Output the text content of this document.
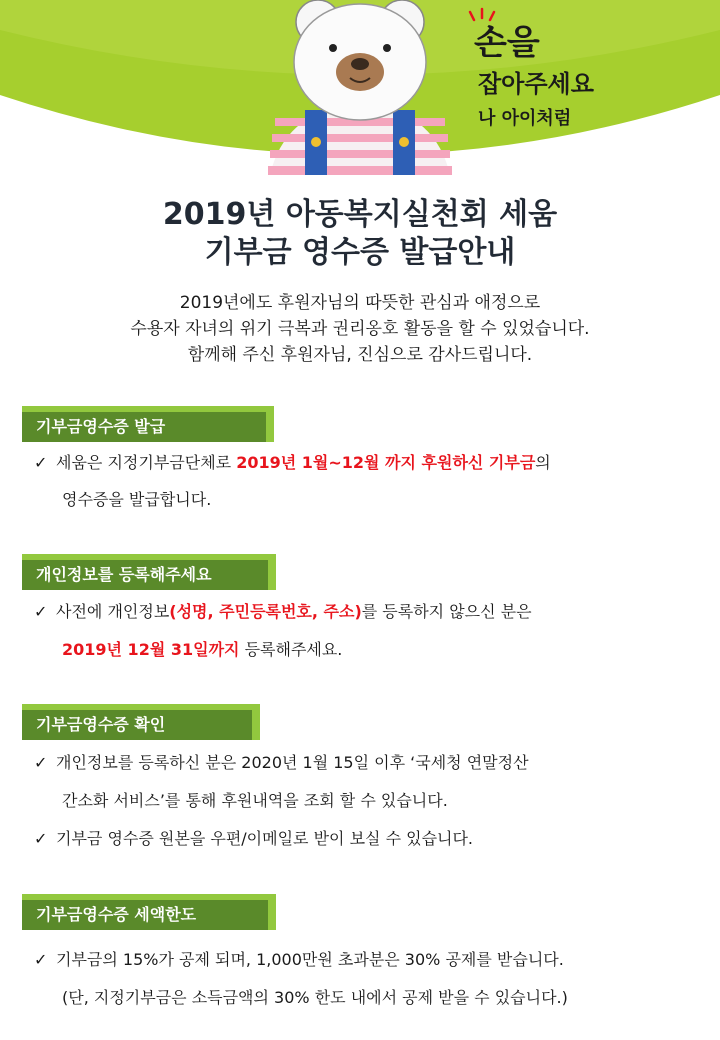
손을
잡아주세요
나 아이처럼
2019년 아동복지실천회 세움
기부금 영수증 발급안내
2019년에도 후원자님의 따뜻한 관심과 애정으로
수용자 자녀의 위기 극복과 권리옹호 활동을 할 수 있었습니다.
함께해 주신 후원자님, 진심으로 감사드립니다.
기부금영수증 발급
✓ 세움은 지정기부금단체로 2019년 1월~12월 까지 후원하신 기부금의
영수증을 발급합니다.
개인정보를 등록해주세요
✓ 사전에 개인정보(성명, 주민등록번호, 주소)를 등록하지 않으신 분은
2019년 12월 31일까지 등록해주세요.
기부금영수증 확인
✓ 개인정보를 등록하신 분은 2020년 1월 15일 이후 ‘국세청 연말정산
간소화 서비스’를 통해 후원내역을 조회 할 수 있습니다.
✓ 기부금 영수증 원본을 우편/이메일로 받이 보실 수 있습니다.
기부금영수증 세액한도
✓ 기부금의 15%가 공제 되며, 1,000만원 초과분은 30% 공제를 받습니다.
(단, 지정기부금은 소득금액의 30% 한도 내에서 공제 받을 수 있습니다.)
